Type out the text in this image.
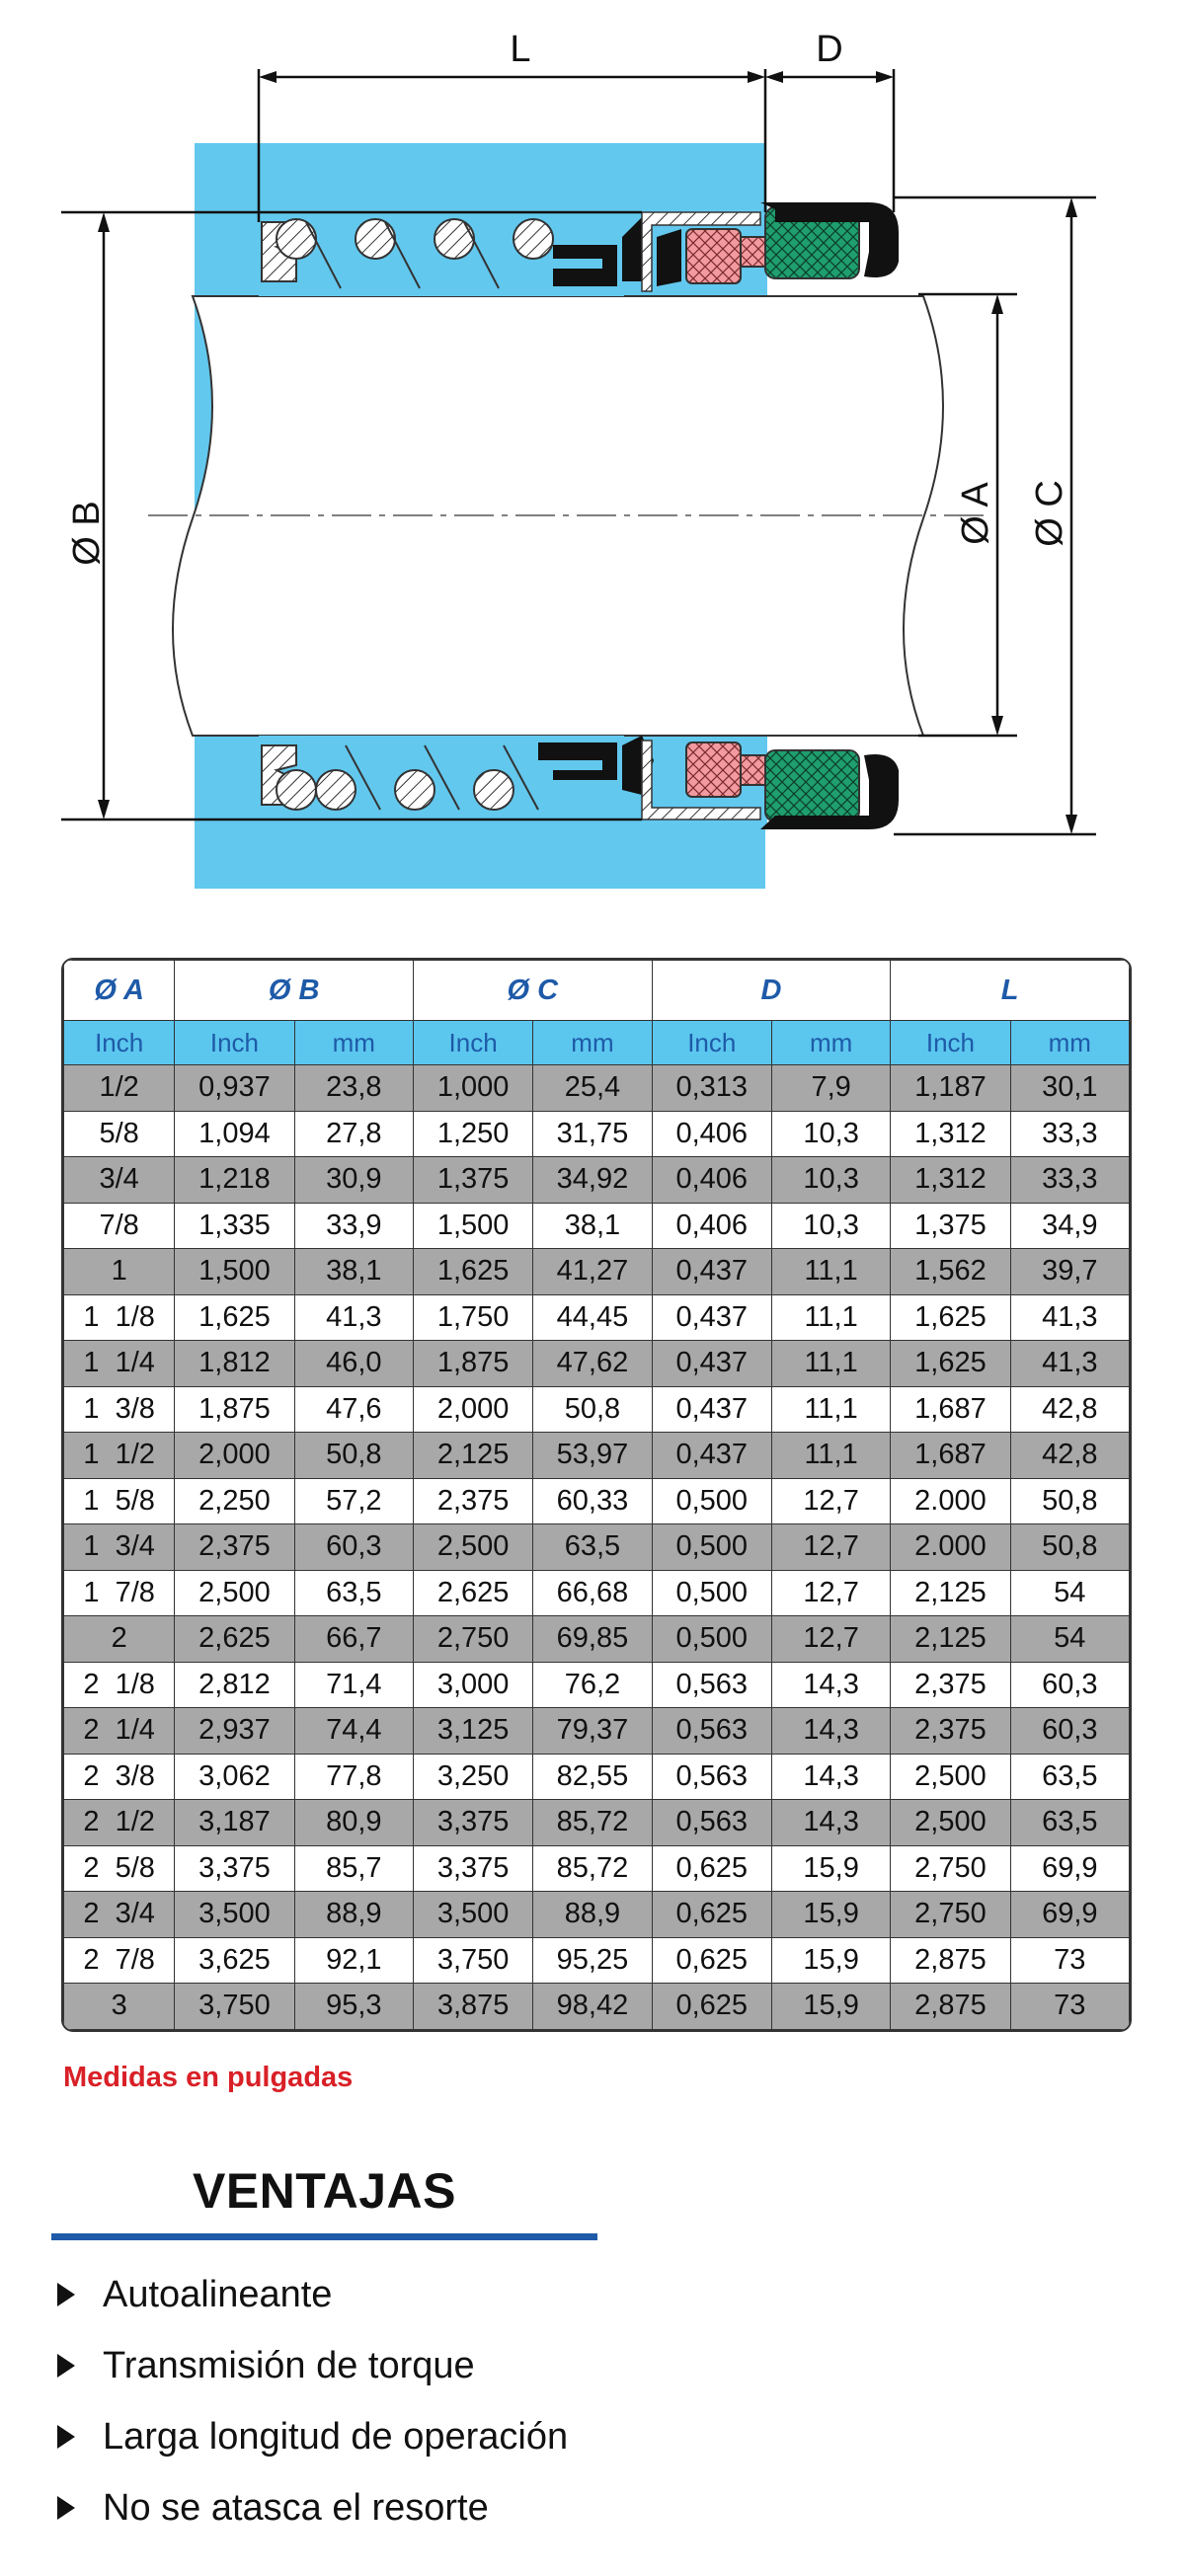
L	D
Ø B	Ø A Ø C
Ø A	Ø B		Ø C		D		L	
Inch	Inch	mm	Inch	mm	Inch	mm	Inch	mm
1/2	0,937	23,8	1,000	25,4	0,313	7,9	1,187	30,1
5/8	1,094	27,8	1,250	31,75	0,406	10,3	1,312	33,3
3/4	1,218	30,9	1,375	34,92	0,406	10,3	1,312	33,3
7/8	1,335	33,9	1,500	38,1	0,406	10,3	1,375	34,9
1	1,500	38,1	1,625	41,27	0,437	11,1	1,562	39,7
1  1/8	1,625	41,3	1,750	44,45	0,437	11,1	1,625	41,3
1  1/4	1,812	46,0	1,875	47,62	0,437	11,1	1,625	41,3
1  3/8	1,875	47,6	2,000	50,8	0,437	11,1	1,687	42,8
1  1/2	2,000	50,8	2,125	53,97	0,437	11,1	1,687	42,8
1  5/8	2,250	57,2	2,375	60,33	0,500	12,7	2.000	50,8
1  3/4	2,375	60,3	2,500	63,5	0,500	12,7	2.000	50,8
1  7/8	2,500	63,5	2,625	66,68	0,500	12,7	2,125	54
2	2,625	66,7	2,750	69,85	0,500	12,7	2,125	54
2  1/8	2,812	71,4	3,000	76,2	0,563	14,3	2,375	60,3
2  1/4	2,937	74,4	3,125	79,37	0,563	14,3	2,375	60,3
2  3/8	3,062	77,8	3,250	82,55	0,563	14,3	2,500	63,5
2  1/2	3,187	80,9	3,375	85,72	0,563	14,3	2,500	63,5
2  5/8	3,375	85,7	3,375	85,72	0,625	15,9	2,750	69,9
2  3/4	3,500	88,9	3,500	88,9	0,625	15,9	2,750	69,9
2  7/8	3,625	92,1	3,750	95,25	0,625	15,9	2,875	73
3	3,750	95,3	3,875	98,42	0,625	15,9	2,875	73
Medidas en pulgadas
VENTAJAS
Autoalineante
Transmisión de torque
Larga longitud de operación
No se atasca el resorte
